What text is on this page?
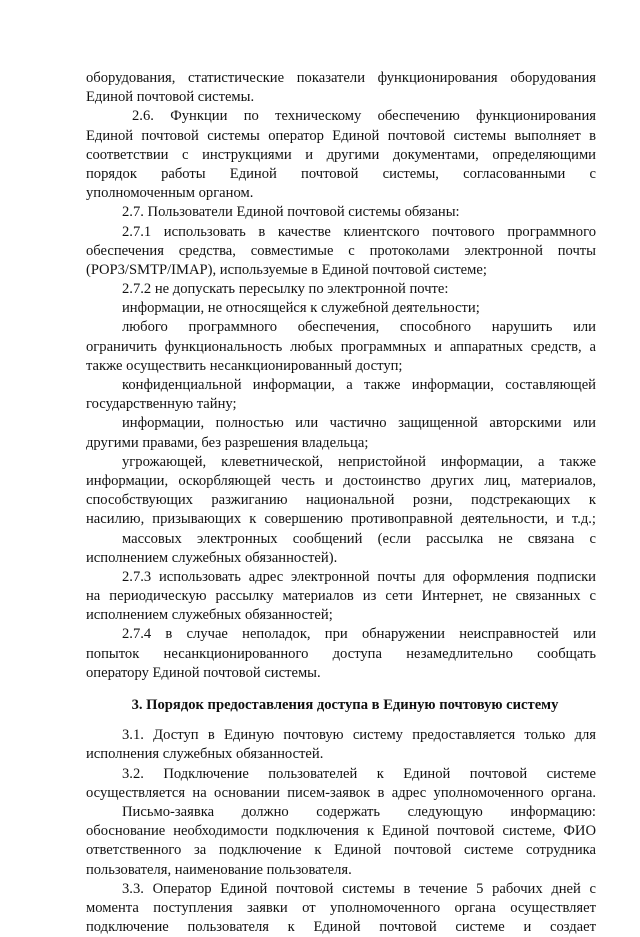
оборудования, статистические показатели функционирования оборудования
Единой почтовой системы.
2.6. Функции по техническому обеспечению функционирования
Единой почтовой системы оператор Единой почтовой системы выполняет в
соответствии с инструкциями и другими документами, определяющими
порядок работы Единой почтовой системы, согласованными с
уполномоченным органом.
2.7. Пользователи Единой почтовой системы обязаны:
2.7.1 использовать в качестве клиентского почтового программного
обеспечения средства, совместимые с протоколами электронной почты
(POP3/SMTP/IMAP), используемые в Единой почтовой системе;
2.7.2 не допускать пересылку по электронной почте:
информации, не относящейся к служебной деятельности;
любого программного обеспечения, способного нарушить или
ограничить функциональность любых программных и аппаратных средств, а
также осуществить несанкционированный доступ;
конфиденциальной информации, а также информации, составляющей
государственную тайну;
информации, полностью или частично защищенной авторскими или
другими правами, без разрешения владельца;
угрожающей, клеветнической, непристойной информации, а также
информации, оскорбляющей честь и достоинство других лиц, материалов,
способствующих разжиганию национальной розни, подстрекающих к
насилию, призывающих к совершению противоправной деятельности, и т.д.;
массовых электронных сообщений (если рассылка не связана с
исполнением служебных обязанностей).
2.7.3 использовать адрес электронной почты для оформления подписки
на периодическую рассылку материалов из сети Интернет, не связанных с
исполнением служебных обязанностей;
2.7.4 в случае неполадок, при обнаружении неисправностей или
попыток несанкционированного доступа незамедлительно сообщать
оператору Единой почтовой системы.
3. Порядок предоставления доступа в Единую почтовую систему
3.1. Доступ в Единую почтовую систему предоставляется только для
исполнения служебных обязанностей.
3.2. Подключение пользователей к Единой почтовой системе
осуществляется на основании писем-заявок в адрес уполномоченного органа.
Письмо-заявка должно содержать следующую информацию:
обоснование необходимости подключения к Единой почтовой системе, ФИО
ответственного за подключение к Единой почтовой системе сотрудника
пользователя, наименование пользователя.
3.3. Оператор Единой почтовой системы в течение 5 рабочих дней с
момента поступления заявки от уполномоченного органа осуществляет
подключение пользователя к Единой почтовой системе и создает
